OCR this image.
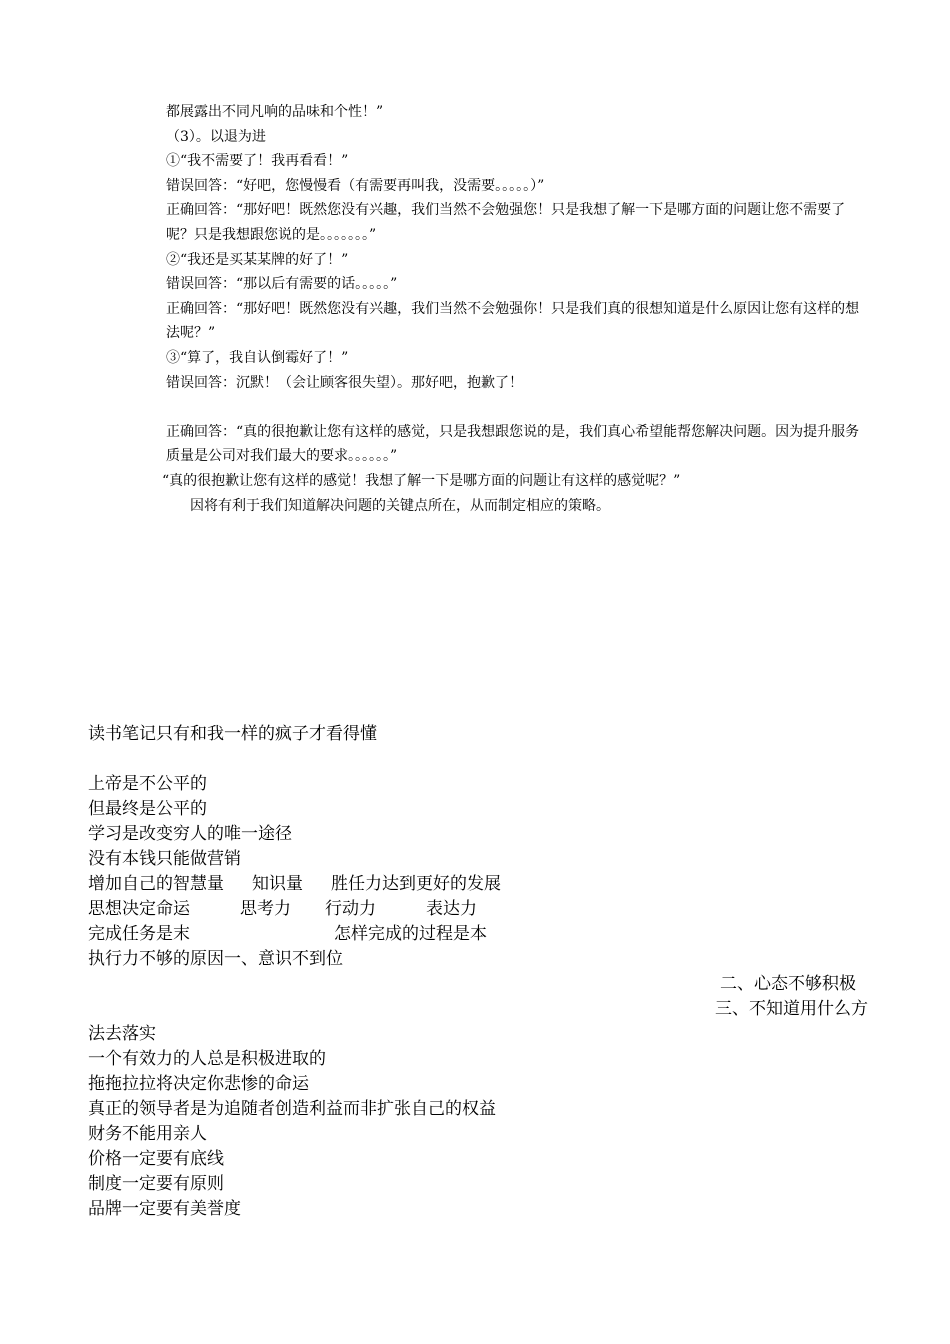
都展露出不同凡响的品味和个性！”
（3）。以退为进
①“我不需要了！我再看看！”
错误回答：“好吧，您慢慢看（有需要再叫我，没需要。。。。。）”
正确回答：“那好吧！既然您没有兴趣，我们当然不会勉强您！只是我想了解一下是哪方面的问题让您不需要了呢？只是我想跟您说的是。。。。。。。”
②“我还是买某某牌的好了！”
错误回答：“那以后有需要的话。。。。。”
正确回答：“那好吧！既然您没有兴趣，我们当然不会勉强你！只是我们真的很想知道是什么原因让您有这样的想法呢？”
③“算了，我自认倒霉好了！”
错误回答：沉默！（会让顾客很失望）。那好吧，抱歉了！
正确回答：“真的很抱歉让您有这样的感觉，只是我想跟您说的是，我们真心希望能帮您解决问题。因为提升服务质量是公司对我们最大的要求。。。。。。”
“真的很抱歉让您有这样的感觉！我想了解一下是哪方面的问题让有这样的感觉呢？”
因将有利于我们知道解决问题的关键点所在，从而制定相应的策略。
读书笔记只有和我一样的疯子才看得懂
上帝是不公平的
但最终是公平的
学习是改变穷人的唯一途径
没有本钱只能做营销
增加自己的智慧量 知识量 胜任力达到更好的发展
思想决定命运	思考力 行动力	表达力
完成任务是末	怎样完成的过程是本
执行力不够的原因一、意识不到位
二、心态不够积极
三、不知道用什么方
法去落实
一个有效力的人总是积极进取的
拖拖拉拉将决定你悲惨的命运
真正的领导者是为追随者创造利益而非扩张自己的权益
财务不能用亲人
价格一定要有底线
制度一定要有原则
品牌一定要有美誉度
